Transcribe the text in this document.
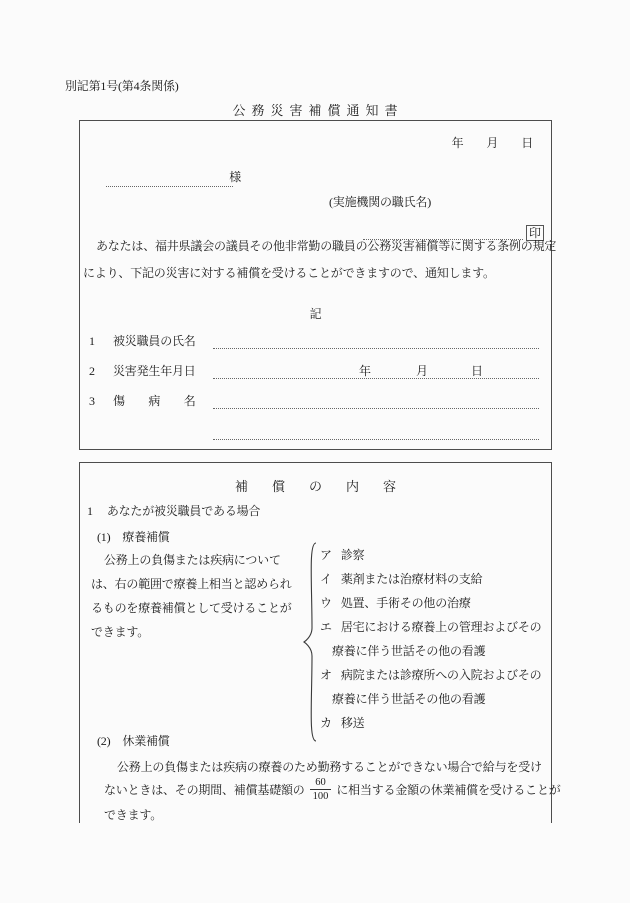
別記第1号(第4条関係)
公務災害補償通知書
年 月 日
様
(実施機関の職氏名)
印
あなたは、福井県議会の議員その他非常勤の職員の公務災害補償等に関する条例の規定
により、下記の災害に対する補償を受けることができますので、通知します。
記
1	被災職員の氏名
2	災害発生年月日	年	月	日
3	傷　　病　　名
補償の内容
1 あなたが被災職員である場合
(1) 療養補償
公務上の負傷または疾病について
は、右の範囲で療養上相当と認められ
るものを療養補償として受けることが
できます。
ア 診察
イ 薬剤または治療材料の支給
ウ 処置、手術その他の治療
エ 居宅における療養上の管理およびその
療養に伴う世話その他の看護
オ 病院または診療所への入院およびその
療養に伴う世話その他の看護
カ 移送
(2) 休業補償
公務上の負傷または疾病の療養のため勤務することができない場合で給与を受け
ないときは、その期間、補償基礎額の $\frac{60}{100}$ に相当する金額の休業補償を受けることが
できます。
